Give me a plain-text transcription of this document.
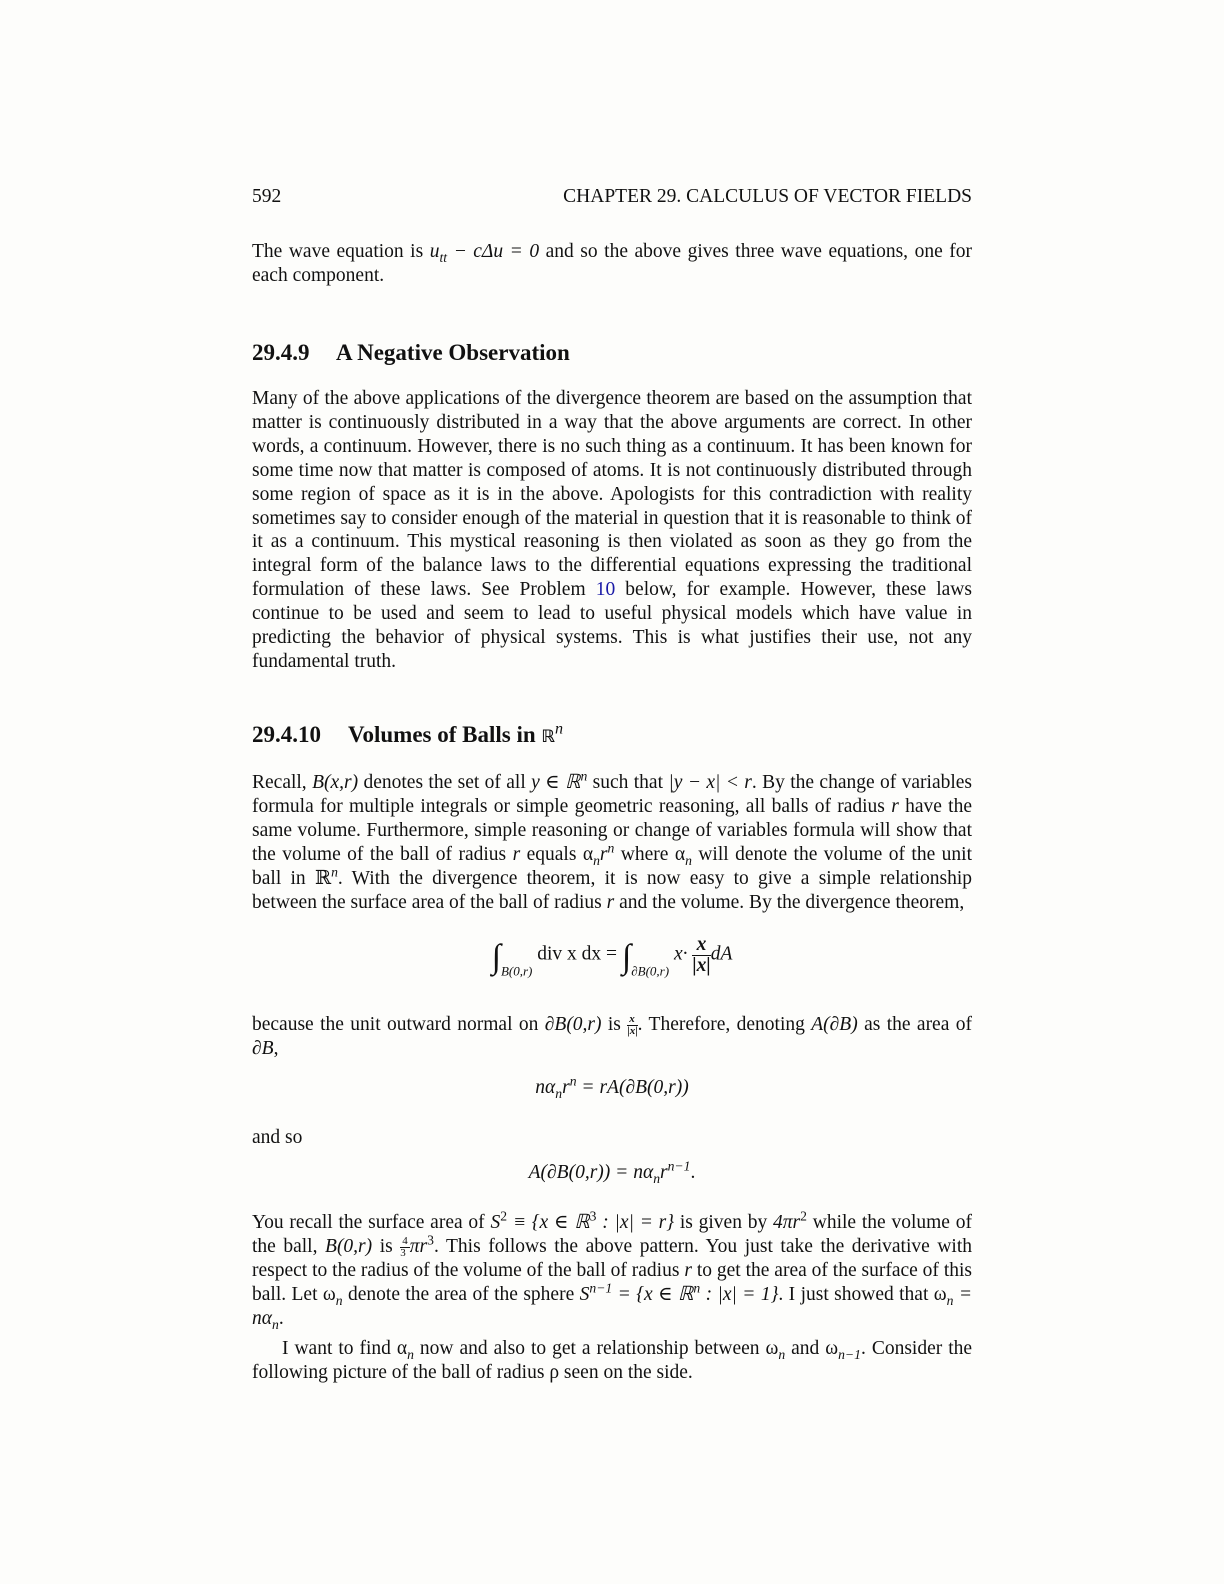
592	CHAPTER 29. CALCULUS OF VECTOR FIELDS
The wave equation is $u_{tt} - c\Delta u = 0$ and so the above gives three wave equations, one for each component.
29.4.9 A Negative Observation
Many of the above applications of the divergence theorem are based on the assumption that matter is continuously distributed in a way that the above arguments are correct. In other words, a continuum. However, there is no such thing as a continuum. It has been known for some time now that matter is composed of atoms. It is not continuously distributed through some region of space as it is in the above. Apologists for this contradiction with reality sometimes say to consider enough of the material in question that it is reasonable to think of it as a continuum. This mystical reasoning is then violated as soon as they go from the integral form of the balance laws to the differential equations expressing the traditional formulation of these laws. See Problem 10 below, for example. However, these laws continue to be used and seem to lead to useful physical models which have value in predicting the behavior of physical systems. This is what justifies their use, not any fundamental truth.
29.4.10 Volumes of Balls in ℝ$^n$
Recall, B(x,r) denotes the set of all y ∈ ℝ$^n$ such that |y − x| < r. By the change of variables formula for multiple integrals or simple geometric reasoning, all balls of radius r have the same volume. Furthermore, simple reasoning or change of variables formula will show that the volume of the ball of radius r equals $\alpha_nr^n$ where $\alpha_n$ will denote the volume of the unit ball in ℝ$^n$. With the divergence theorem, it is now easy to give a simple relationship between the surface area of the ball of radius r and the volume. By the divergence theorem,
$\int_{B(0,r)}$ div x dx = $\int_{\partial B(0,r)}$ $x\cdot \frac{x}{|x|}$ dA
because the unit outward normal on ∂B(0,r) is $\frac{x}{|x|}$ . Therefore, denoting A(∂B) as the area of ∂B,
$n\alpha_nr^n = rA(\partial B(0,r))$
and so
$A(\partial B(0,r)) = n\alpha_nr^{n-1}$.
You recall the surface area of $S^2 \equiv \{x$ ∈ ℝ$^3$ : |x| = r} is given by $4\pi r^2$ while the volume of the ball, B(0,r) is $\frac{4}{3} \pi r^3$. This follows the above pattern. You just take the derivative with respect to the radius of the volume of the ball of radius r to get the area of the surface of this ball. Let $\omega_n$ denote the area of the sphere $S^{n-1} = \{x$ ∈ ℝ$^n$ : |x| = 1}. I just showed that $\omega_n = n\alpha_n$.
I want to find $\alpha_n$ now and also to get a relationship between $\omega_n$ and $\omega_{n-1}$. Consider the following picture of the ball of radius ρ seen on the side.
